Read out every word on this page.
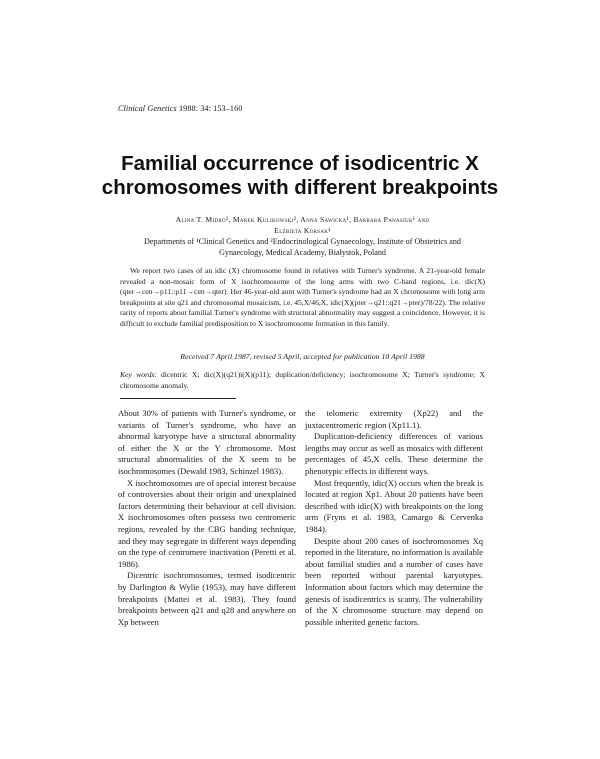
Clinical Genetics 1988: 34: 153–160
Familial occurrence of isodicentric X
chromosomes with different breakpoints
Alina T. Midro¹, Marek Kulikowski², Anna Sawicka¹, Barbara Panasiuk¹ and
Elżbieta Korsak¹
Departments of ¹Clinical Genetics and ²Endocrinological Gynaecology, Institute of Obstetrics and
Gynaecology, Medical Academy, Białystok, Poland

We report two cases of an idic (X) chromosome found in relatives with Turner's syndrome. A 21-year-old female revealed a non-mosaic form of X isochromosome of the long arms with two C-band regions, i.e. dic(X)(qter→cen→p11::p11→cen→qter). Her 46-year-old aunt with Turner's syndrome had an X chromosome with long arm breakpoints at site q21 and chromosomal mosaicism, i.e. 45,X/46,X, idic(X)(pter→q21::q21→pter)/78/22). The relative rarity of reports about familial Turner's syndrome with structural abnormality may suggest a coincidence. However, it is difficult to exclude familial predisposition to X isochromosome formation in this family.

Received 7 April 1987, revised 5 April, accepted for publication 10 April 1988
Key words: dicentric X; dic(X)(q21)i(X)(p11); duplication/deficiency; isochromosome X; Turner's syndrome; X chromosome anomaly.

About 30% of patients with Turner's syndrome, or variants of Turner's syndrome, who have an abnormal karyotype have a structural abnormality of either the X or the Y chromosome. Most structural abnormalities of the X seem to be isochromosomes (Dewald 1983, Schinzel 1983).

X isochromosomes are of special interest because of controversies about their origin and unexplained factors determining their behaviour at cell division. X isochromosomes often possess two centromeric regions, revealed by the CBG banding technique, and they may segregate in different ways depending on the type of centromere inactivation (Peretti et al. 1986).

Dicentric isochromosomes, termed isodicentric by Darlington & Wylie (1953), may have different breakpoints (Mattei et al. 1983). They found breakpoints between q21 and q28 and anywhere on Xp between

the telomeric extremity (Xp22) and the juxtacentromeric region (Xp11.1).

Duplication-deficiency differences of various lengths may occur as well as mosaics with different percentages of 45,X cells. These determine the phenotypic effects in different ways.

Most frequently, idic(X) occurs when the break is located at region Xp1. About 20 patients have been described with idic(X) with breakpoints on the long arm (Fryns et al. 1983, Camargo & Cervenka 1984).

Despite about 200 cases of isochromosomes Xq reported in the literature, no information is available about familial studies and a number of cases have been reported without parental karyotypes. Information about factors which may determine the genesis of isodicentrics is scanty. The vulnerability of the X chromosome structure may depend on possible inherited genetic factors.
